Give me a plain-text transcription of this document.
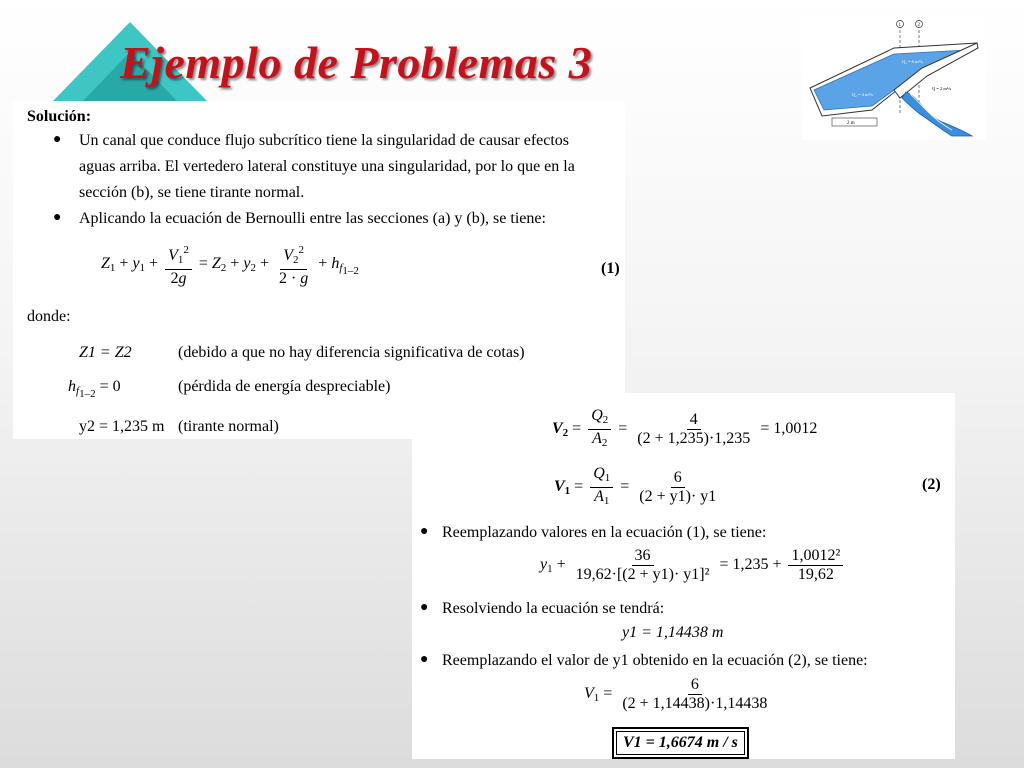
Ejemplo de Problemas 3
1	2
2 m
Q₁ = 6 m³/s
Q₂ = 4 m³/s
Q = 2 m³/s
Solución:
● Un canal que conduce flujo subcrítico tiene la singularidad de causar efectos
aguas arriba. El vertedero lateral constituye una singularidad, por lo que en la
sección (b), se tiene tirante normal.
● Aplicando la ecuación de Bernoulli entre las secciones (a) y (b), se tiene:
$Z_1 + y_1 + \frac{V_1^2}{2g} = Z_2 + y_2 + \frac{V_2^2}{2 \cdot g} + h_{f_{1-2}}$	(1)
donde:
Z1 = Z2	(debido a que no hay diferencia significativa de cotas)
$h_{f_{1-2}} = 0$	(pérdida de energía despreciable)
y2 = 1,235 m (tirante normal)	$V_2 = \frac{Q_2}{A_2} = \frac{4}{(2 + 1,235)\cdot 1,235} = 1,0012$
$V_1 = \frac{Q_1}{A_1} = \frac{6}{(2 + y1)\cdot y1}$	(2)
● Reemplazando valores en la ecuación (1), se tiene:
$y_1 + \frac{36}{\text{19,62·[(2 + y1)· y1]²}} = 1,235 + \frac{\text{1,0012²}}{19,62}$
● Resolviendo la ecuación se tendrá:
y1 = 1,14438 m
● Reemplazando el valor de y1 obtenido en la ecuación (2), se tiene:
$V_1 = \frac{6}{(2 + 1,14438)\cdot 1,14438}$
V1 = 1,6674 m / s
